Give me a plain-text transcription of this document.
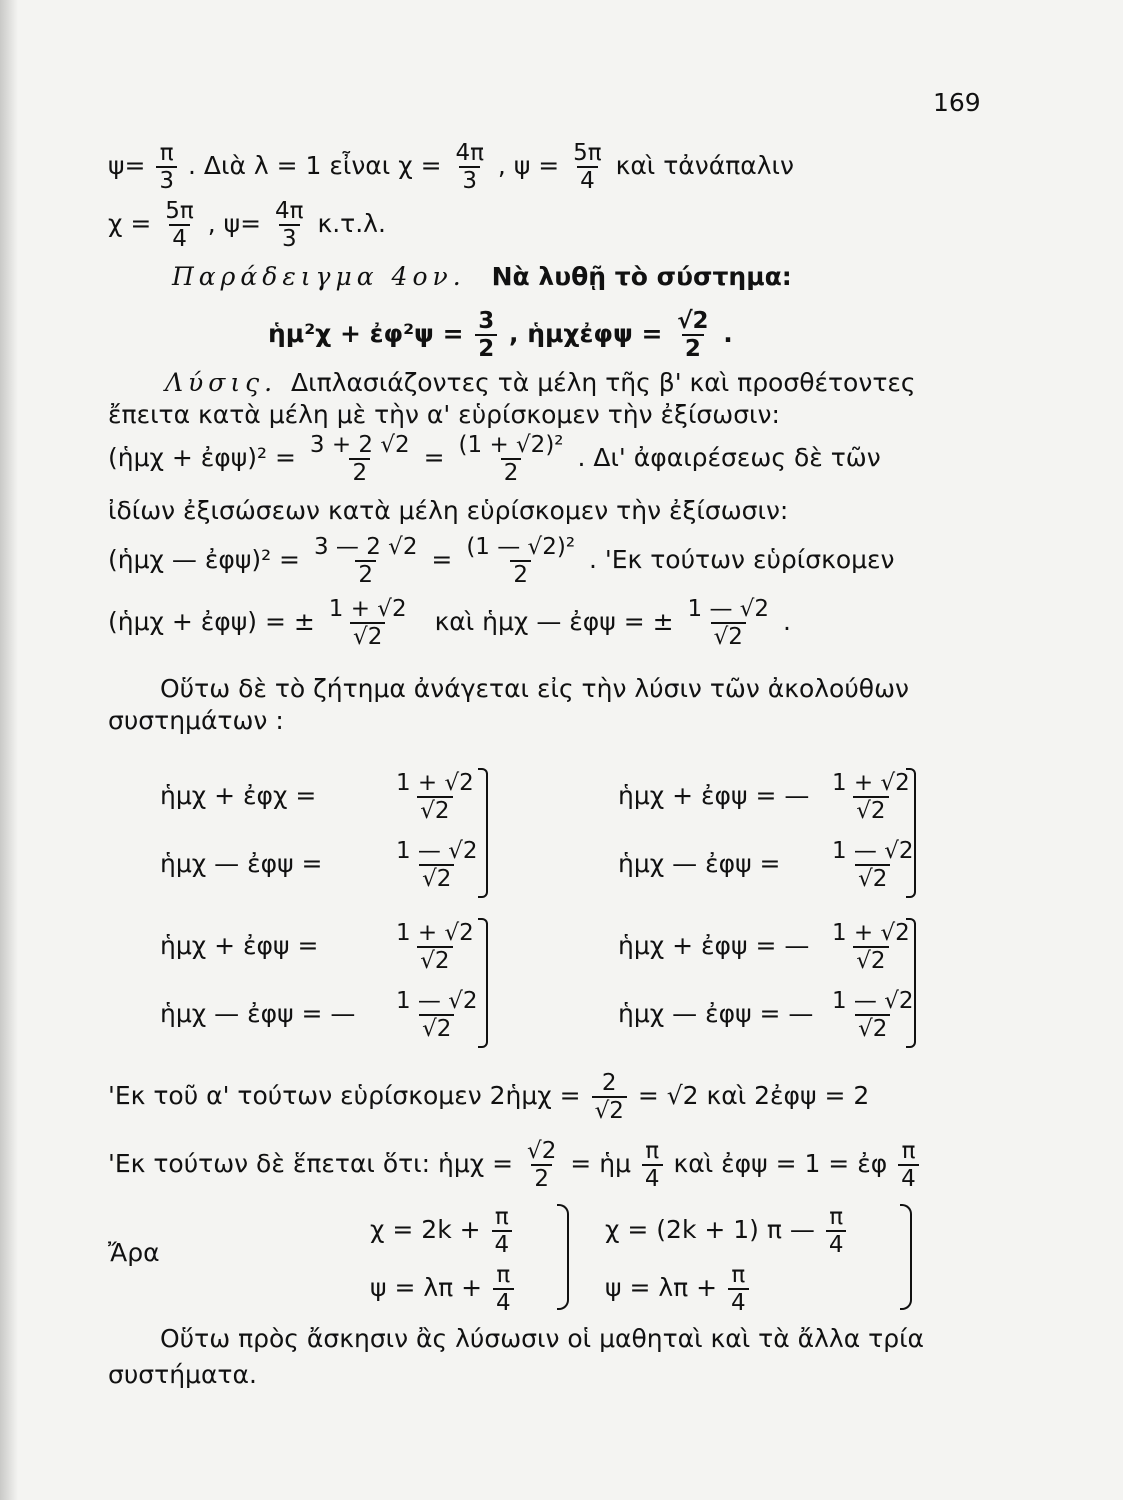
169
$\psi= \frac{\pi}{3}$ . Διὰ λ = 1 εἶναι $\chi = \frac{4\pi}{3}$ , $\psi = \frac{5\pi}{4}$ καὶ τἀνάπαλιν
$\chi = \frac{5\pi}{4}$ , $\psi= \frac{4\pi}{3} \kappa.\tau.\lambda$.
Παράδειγμα 4ον. Νὰ λυθῇ τὸ σύστημα:
ἡμ²χ + ἐφ²ψ = $\frac{3}{2}$ , ἡμχἐφψ = $\frac{√2}{2}$ .
Λύσις. Διπλασιάζοντες τὰ μέλη τῆς β' καὶ προσθέτοντες
ἔπειτα κατὰ μέλη μὲ τὴν α' εὑρίσκομεν τὴν ἐξίσωσιν:
(ἡμχ + ἐφψ)² = $\frac{3 + 2 √2}{2} = \frac{\text{(1 + √2)²}}{2}$ . Δι' ἀφαιρέσεως δὲ τῶν
ἰδίων ἐξισώσεων κατὰ μέλη εὑρίσκομεν τὴν ἐξίσωσιν:
(ἡμχ — ἐφψ)² = $\frac{3 — 2 √2}{2} = \frac{\text{(1 — √2)²}}{2}$ . 'Εκ τούτων εὑρίσκομεν
(ἡμχ + ἐφψ) = ± $\frac{1 + √2}{√2}$ καὶ ἡμχ — ἐφψ = ± $\frac{1 — √2}{√2}$ .
Οὕτω δὲ τὸ ζήτημα ἀνάγεται εἰς τὴν λύσιν τῶν ἀκολούθων
συστημάτων :
ἡμχ + ἐφχ =	$\frac{1 + √2}{√2}$
ἡμχ — ἐφψ =	$\frac{1 — √2}{√2}$
ἡμχ + ἐφψ =	$\frac{1 + √2}{√2}$
ἡμχ — ἐφψ = — $\frac{1 — √2}{√2}$
ἡμχ + ἐφψ = — $\frac{1 + √2}{√2}$
ἡμχ — ἐφψ = $\frac{1 — √2}{√2}$
ἡμχ + ἐφψ = — $\frac{1 + √2}{√2}$
ἡμχ — ἐφψ = — $\frac{1 — √2}{√2}$
'Εκ τοῦ α' τούτων εὑρίσκομεν 2ἡμχ = $\frac{2}{√2} = √2$ καὶ 2ἐφψ = 2
'Εκ τούτων δὲ ἕπεται ὅτι: ἡμχ = $\frac{√2}{2}$ = ἡμ $\frac{\pi}{4}$ καὶ ἐφψ = 1 = ἐφ $\frac{\pi}{4}$
Ἄρα
$\chi = 2k + \frac{\pi}{4}$
$\psi = \lambda\pi + \frac{\pi}{4}$
χ = (2k + 1) π — $\frac{\pi}{4}$
$\psi = \lambda\pi + \frac{\pi}{4}$
Οὕτω πρὸς ἄσκησιν ἂς λύσωσιν οἱ μαθηταὶ καὶ τὰ ἄλλα τρία
συστήματα.
